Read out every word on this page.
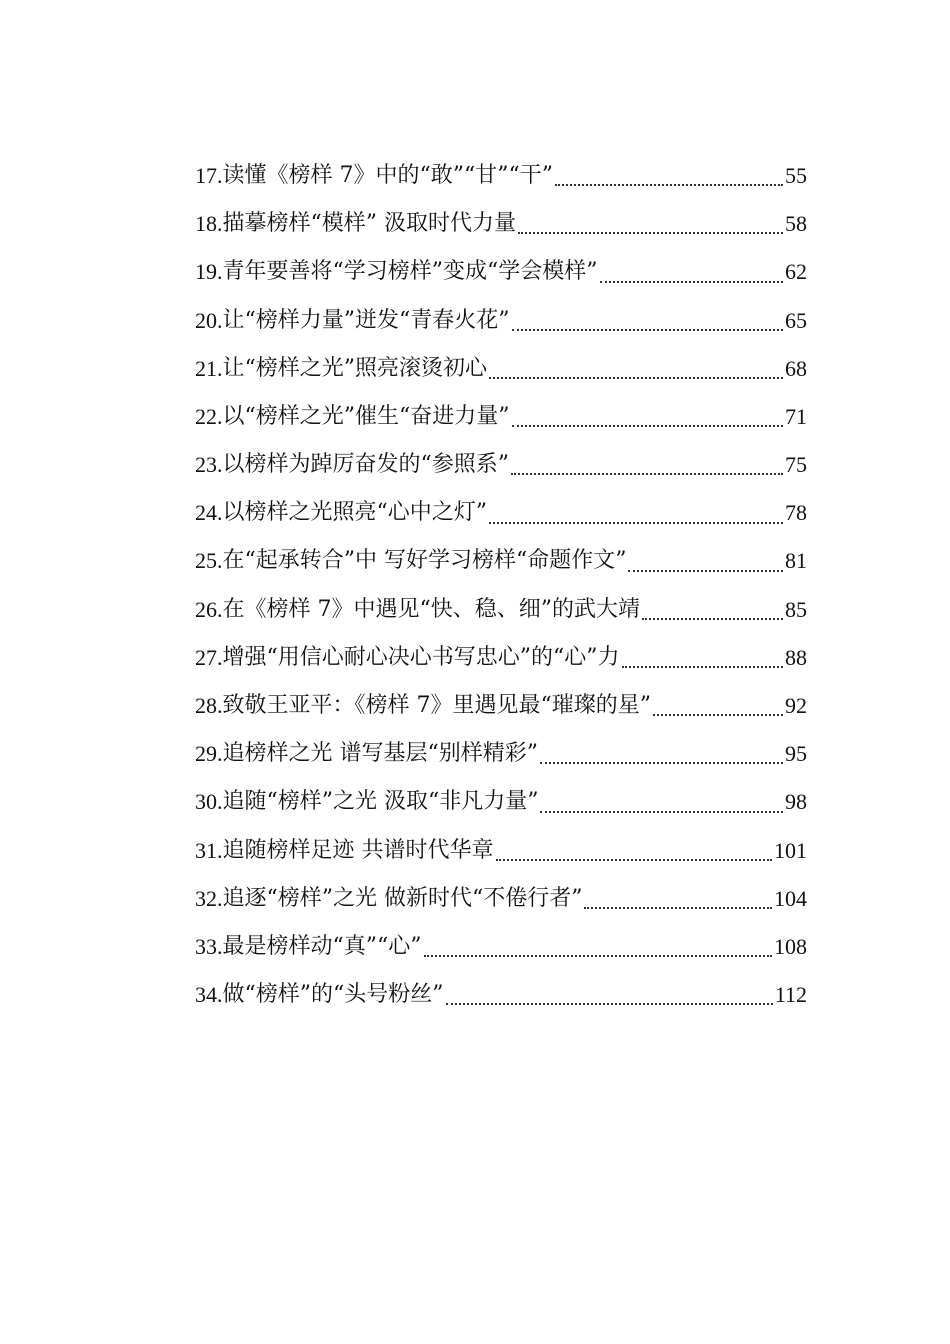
17. 读懂《榜样 7》中的“敢”“甘”“干”	55
18. 描摹榜样“模样” 汲取时代力量	58
19. 青年要善将“学习榜样”变成“学会模样”	62
20. 让“榜样力量”迸发“青春火花”	65
21. 让“榜样之光”照亮滚烫初心	68
22. 以“榜样之光”催生“奋进力量”	71
23. 以榜样为踔厉奋发的“参照系”	75
24. 以榜样之光照亮“心中之灯”	78
25. 在“起承转合”中 写好学习榜样“命题作文”	81
26. 在《榜样 7》中遇见“快、稳、细”的武大靖	85
27. 增强“用信心耐心决心书写忠心”的“心”力	88
28. 致敬王亚平：《榜样 7》里遇见最“璀璨的星”	92
29. 追榜样之光 谱写基层“别样精彩”	95
30. 追随“榜样”之光 汲取“非凡力量”	98
31. 追随榜样足迹 共谱时代华章	101
32. 追逐“榜样”之光 做新时代“不倦行者”	104
33. 最是榜样动“真”“心”	108
34. 做“榜样”的“头号粉丝”	112
